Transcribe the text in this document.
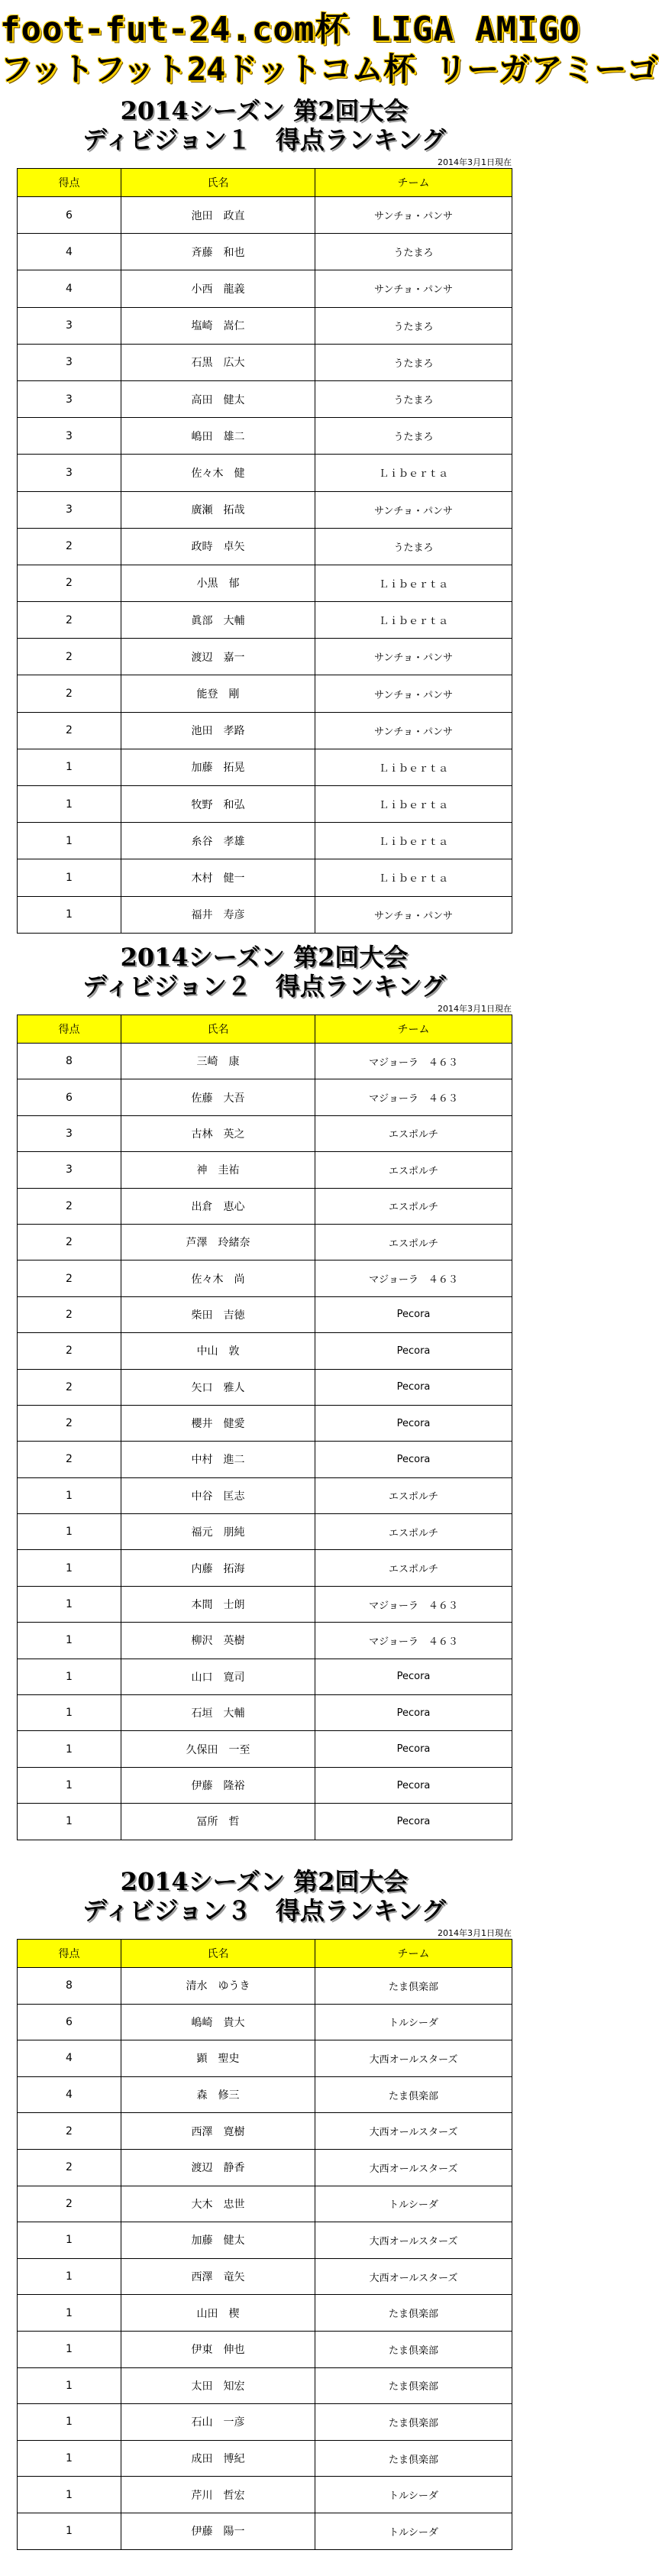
foot-fut-24.com杯 LIGA AMIGO
フットフット24ドットコム杯 リーガアミーゴ
2014シーズン 第2回大会
ディビジョン１　得点ランキング
2014年3月1日現在
得点	氏名	チーム
6	池田　政直	サンチョ・パンサ
4	斉藤　和也	うたまろ
4	小西　龍義	サンチョ・パンサ
3	塩崎　嵩仁	うたまろ
3	石黒　広大	うたまろ
3	高田　健太	うたまろ
3	嶋田　雄二	うたまろ
3	佐々木　健	Ｌｉｂｅｒｔａ
3	廣瀬　拓哉	サンチョ・パンサ
2	政時　卓矢	うたまろ
2	小黒　郁	Ｌｉｂｅｒｔａ
2	眞部　大輔	Ｌｉｂｅｒｔａ
2	渡辺　嘉一	サンチョ・パンサ
2	能登　剛	サンチョ・パンサ
2	池田　孝路	サンチョ・パンサ
1	加藤　拓晃	Ｌｉｂｅｒｔａ
1	牧野　和弘	Ｌｉｂｅｒｔａ
1	糸谷　孝雄	Ｌｉｂｅｒｔａ
1	木村　健一	Ｌｉｂｅｒｔａ
1	福井　寿彦	サンチョ・パンサ
2014シーズン 第2回大会
ディビジョン２　得点ランキング
2014年3月1日現在
得点	氏名	チーム
8	三崎　康	マジョーラ　４６３
6	佐藤　大吾	マジョーラ　４６３
3	古林　英之	エスポルチ
3	神　圭祐	エスポルチ
2	出倉　恵心	エスポルチ
2	芦澤　玲緒奈	エスポルチ
2	佐々木　尚	マジョーラ　４６３
2	柴田　吉徳	Pecora
2	中山　敦	Pecora
2	矢口　雅人	Pecora
2	櫻井　健愛	Pecora
2	中村　進二	Pecora
1	中谷　匡志	エスポルチ
1	福元　朋純	エスポルチ
1	内藤　拓海	エスポルチ
1	本間　士朗	マジョーラ　４６３
1	柳沢　英樹	マジョーラ　４６３
1	山口　寛司	Pecora
1	石垣　大輔	Pecora
1	久保田　一至	Pecora
1	伊藤　隆裕	Pecora
1	冨所　哲	Pecora
2014シーズン 第2回大会
ディビジョン３　得点ランキング
2014年3月1日現在
得点	氏名	チーム
8	清水　ゆうき	たま倶楽部
6	嶋崎　貴大	トルシーダ
4	顕　聖史	大西オールスターズ
4	森　修三	たま倶楽部
2	西澤　寛樹	大西オールスターズ
2	渡辺　静香	大西オールスターズ
2	大木　忠世	トルシーダ
1	加藤　健太	大西オールスターズ
1	西澤　竜矢	大西オールスターズ
1	山田　楔	たま倶楽部
1	伊東　伸也	たま倶楽部
1	太田　知宏	たま倶楽部
1	石山　一彦	たま倶楽部
1	成田　博紀	たま倶楽部
1	芹川　哲宏	トルシーダ
1	伊藤　陽一	トルシーダ
